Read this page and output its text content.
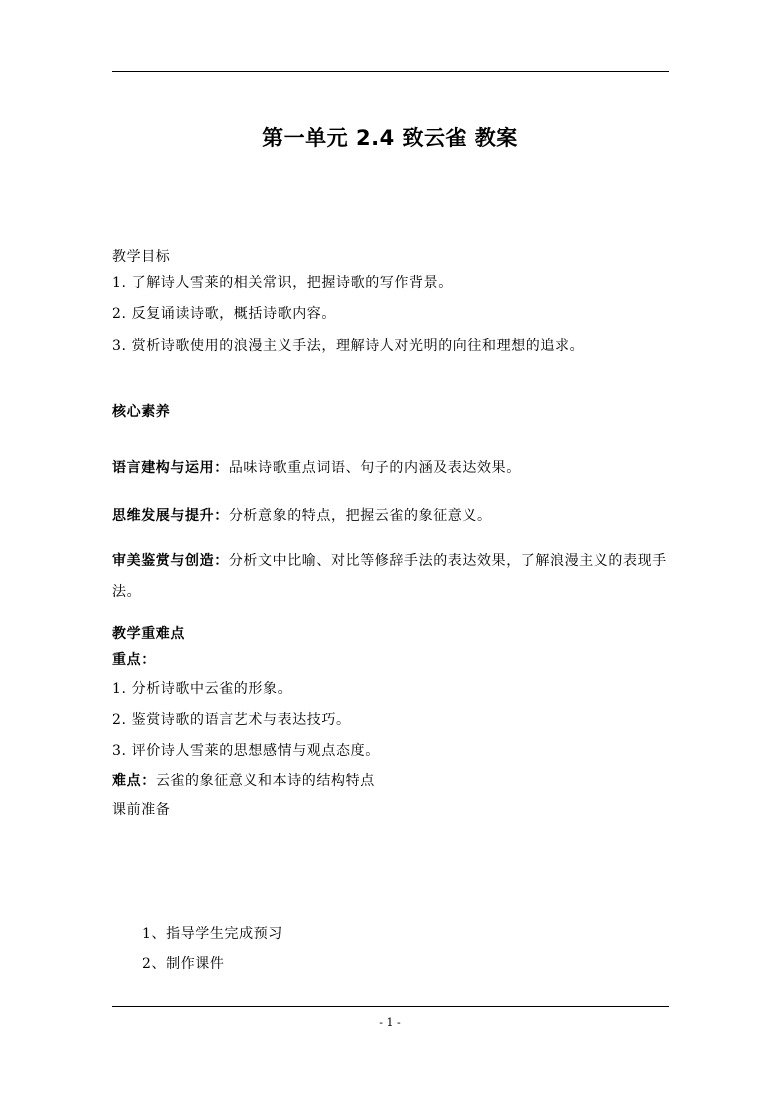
第一单元 2.4 致云雀 教案
教学目标
1. 了解诗人雪莱的相关常识，把握诗歌的写作背景。
2. 反复诵读诗歌，概括诗歌内容。
3. 赏析诗歌使用的浪漫主义手法，理解诗人对光明的向往和理想的追求。
核心素养
语言建构与运用：品味诗歌重点词语、句子的内涵及表达效果。
思维发展与提升：分析意象的特点，把握云雀的象征意义。
审美鉴赏与创造：分析文中比喻、对比等修辞手法的表达效果，了解浪漫主义的表现手法。
教学重难点
重点：
1. 分析诗歌中云雀的形象。
2. 鉴赏诗歌的语言艺术与表达技巧。
3. 评价诗人雪莱的思想感情与观点态度。
难点：云雀的象征意义和本诗的结构特点
课前准备
1、指导学生完成预习
2、制作课件
- 1 -
